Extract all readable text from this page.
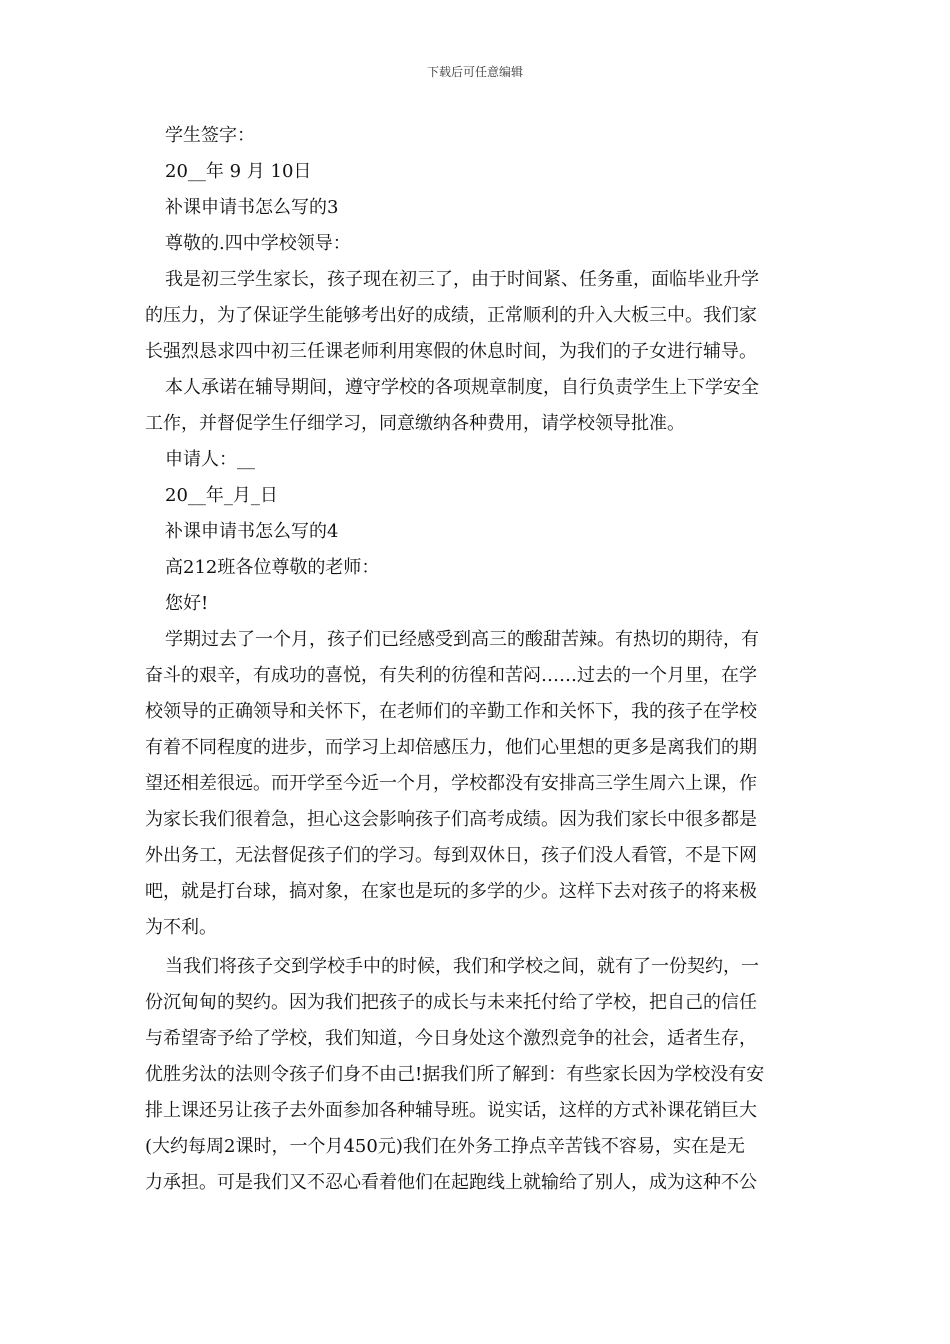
下载后可任意编辑
学生签字：
20__年 9 月 10日
补课申请书怎么写的3
尊敬的.四中学校领导：
我是初三学生家长，孩子现在初三了，由于时间紧、任务重，面临毕业升学
的压力，为了保证学生能够考出好的成绩，正常顺利的升入大板三中。我们家
长强烈恳求四中初三任课老师利用寒假的休息时间，为我们的子女进行辅导。
本人承诺在辅导期间，遵守学校的各项规章制度，自行负责学生上下学安全
工作，并督促学生仔细学习，同意缴纳各种费用，请学校领导批准。
申请人：__
20__年_月_日
补课申请书怎么写的4
高212班各位尊敬的老师：
您好!
学期过去了一个月，孩子们已经感受到高三的酸甜苦辣。有热切的期待，有
奋斗的艰辛，有成功的喜悦，有失利的彷徨和苦闷……过去的一个月里，在学
校领导的正确领导和关怀下，在老师们的辛勤工作和关怀下，我的孩子在学校
有着不同程度的进步，而学习上却倍感压力，他们心里想的更多是离我们的期
望还相差很远。而开学至今近一个月，学校都没有安排高三学生周六上课，作
为家长我们很着急，担心这会影响孩子们高考成绩。因为我们家长中很多都是
外出务工，无法督促孩子们的学习。每到双休日，孩子们没人看管，不是下网
吧，就是打台球，搞对象，在家也是玩的多学的少。这样下去对孩子的将来极
为不利。
当我们将孩子交到学校手中的时候，我们和学校之间，就有了一份契约，一
份沉甸甸的契约。因为我们把孩子的成长与未来托付给了学校，把自己的信任
与希望寄予给了学校，我们知道，今日身处这个激烈竞争的社会，适者生存，
优胜劣汰的法则令孩子们身不由己!据我们所了解到：有些家长因为学校没有安
排上课还另让孩子去外面参加各种辅导班。说实话，这样的方式补课花销巨大
(大约每周2课时，一个月450元)我们在外务工挣点辛苦钱不容易，实在是无
力承担。可是我们又不忍心看着他们在起跑线上就输给了别人，成为这种不公
